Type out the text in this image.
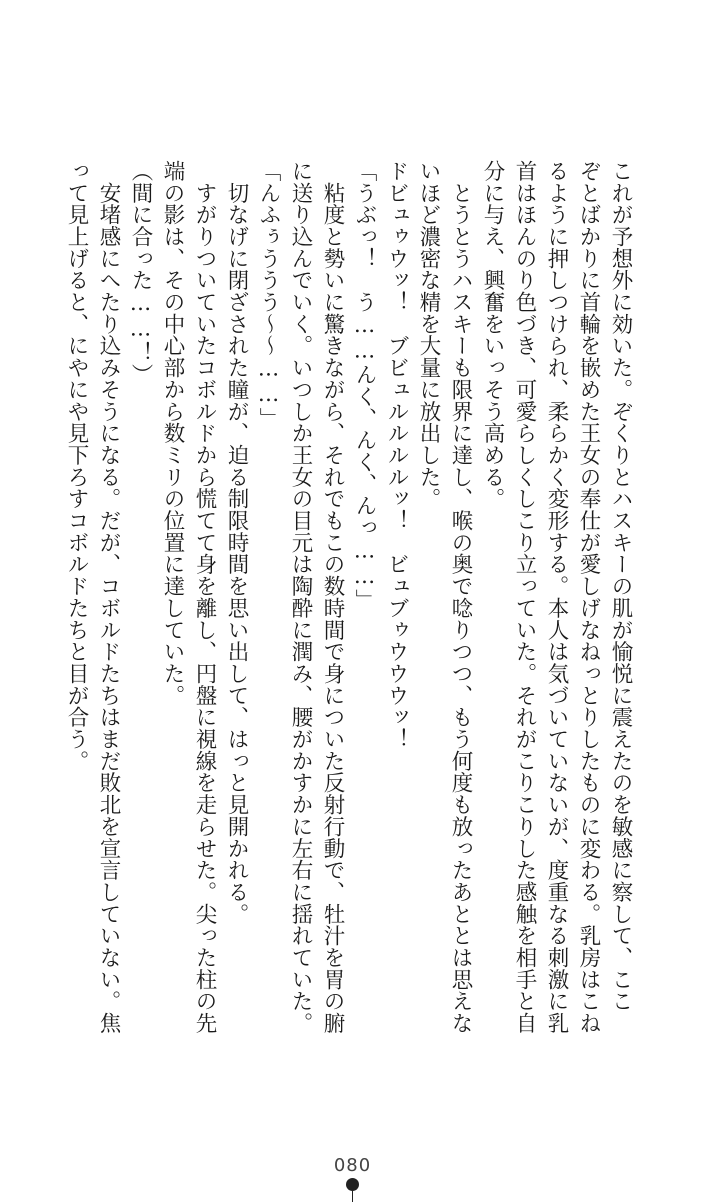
これが予想外に効いた。ぞくりとハスキーの肌が愉悦に震えたのを敏感に察して、ここ
ぞとばかりに首輪を嵌めた王女の奉仕が愛しげなねっとりしたものに変わる。乳房はこね
るように押しつけられ、柔らかく変形する。本人は気づいていないが、度重なる刺激に乳
首はほんのり色づき、可愛らしくしこり立っていた。それがこりこりした感触を相手と自
分に与え、興奮をいっそう高める。
　とうとうハスキーも限界に達し、喉の奥で唸りつつ、もう何度も放ったあととは思えな
いほど濃密な精を大量に放出した。
ドビュゥウッ！　ブビュルルルルッ！　ビュブゥウウウッ！
「うぶっ！　う……んく、んく、んっ……」
　粘度と勢いに驚きながら、それでもこの数時間で身についた反射行動で、牡汁を胃の腑
に送り込んでいく。いつしか王女の目元は陶酔に潤み、腰がかすかに左右に揺れていた。
「んふぅううう～～……」
　切なげに閉ざされた瞳が、迫る制限時間を思い出して、はっと見開かれる。
　すがりついていたコボルドから慌てて身を離し、円盤に視線を走らせた。尖った柱の先
端の影は、その中心部から数ミリの位置に達していた。
（間に合った……！）
　安堵感にへたり込みそうになる。だが、コボルドたちはまだ敗北を宣言していない。焦
って見上げると、にやにや見下ろすコボルドたちと目が合う。
080
